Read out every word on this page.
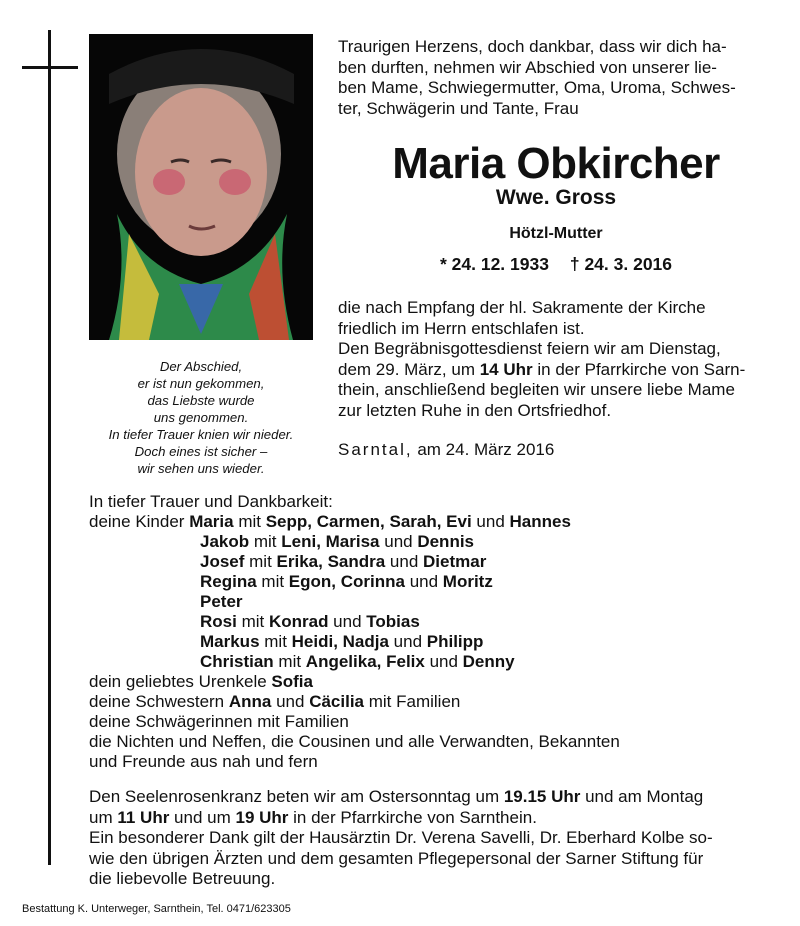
Der Abschied,
er ist nun gekommen,
das Liebste wurde
uns genommen.
In tiefer Trauer knien wir nieder.
Doch eines ist sicher –
wir sehen uns wieder.
Traurigen Herzens, doch dankbar, dass wir dich ha-
ben durften, nehmen wir Abschied von unserer lie-
ben Mame, Schwiegermutter, Oma, Uroma, Schwes-
ter, Schwägerin und Tante, Frau
Maria Obkircher
Wwe. Gross
Hötzl-Mutter
* 24. 12. 1933 † 24. 3. 2016
die nach Empfang der hl. Sakramente der Kirche
friedlich im Herrn entschlafen ist.
Den Begräbnisgottesdienst feiern wir am Dienstag,
dem 29. März, um 14 Uhr in der Pfarrkirche von Sarn-
thein, anschließend begleiten wir unsere liebe Mame
zur letzten Ruhe in den Ortsfriedhof.
Sarntal, am 24. März 2016
In tiefer Trauer und Dankbarkeit:
deine Kinder Maria mit Sepp, Carmen, Sarah, Evi und Hannes
Jakob mit Leni, Marisa und Dennis
Josef mit Erika, Sandra und Dietmar
Regina mit Egon, Corinna und Moritz
Peter
Rosi mit Konrad und Tobias
Markus mit Heidi, Nadja und Philipp
Christian mit Angelika, Felix und Denny
dein geliebtes Urenkele Sofia
deine Schwestern Anna und Cäcilia mit Familien
deine Schwägerinnen mit Familien
die Nichten und Neffen, die Cousinen und alle Verwandten, Bekannten
und Freunde aus nah und fern
Den Seelenrosenkranz beten wir am Ostersonntag um 19.15 Uhr und am Montag
um 11 Uhr und um 19 Uhr in der Pfarrkirche von Sarnthein.
Ein besonderer Dank gilt der Hausärztin Dr. Verena Savelli, Dr. Eberhard Kolbe so-
wie den übrigen Ärzten und dem gesamten Pflegepersonal der Sarner Stiftung für
die liebevolle Betreuung.
Bestattung K. Unterweger, Sarnthein, Tel. 0471/623305
